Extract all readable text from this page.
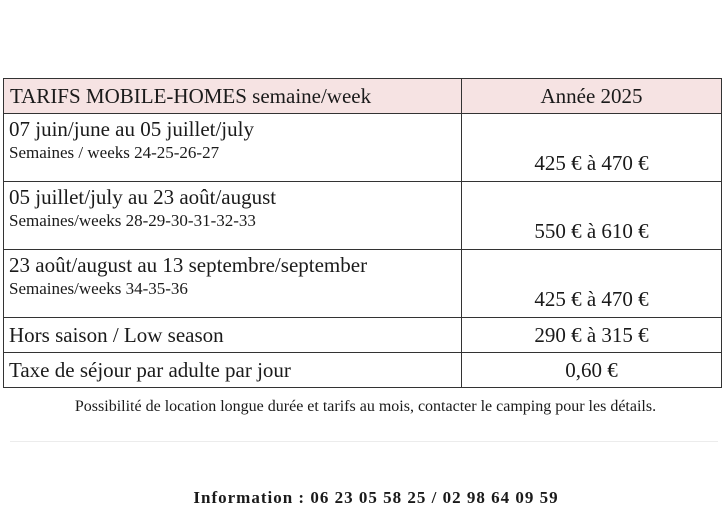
TARIFS MOBILE-HOMES semaine/week	Année 2025

07 juin/june au 05 juillet/july
Semaines / weeks 24-25-26-27	425 € à 470 €

05 juillet/july au 23 août/august
Semaines/weeks 28-29-30-31-32-33	550 € à 610 €

23 août/august au 13 septembre/september
Semaines/weeks 34-35-36	425 € à 470 €
Hors saison / Low season	290 € à 315 €
Taxe de séjour par adulte par jour	0,60 €
Possibilité de location longue durée et tarifs au mois, contacter le camping pour les détails.
Information : 06 23 05 58 25 / 02 98 64 09 59
